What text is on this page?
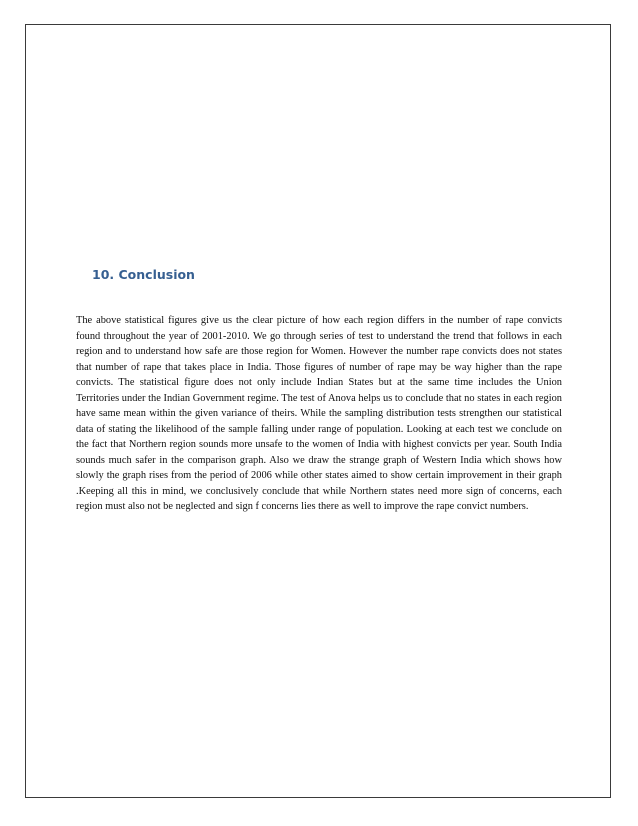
10. Conclusion

The above statistical figures give us the clear picture of how each region differs in the number of rape convicts found throughout the year of 2001-2010. We go through series of test to understand the trend that follows in each region and to understand how safe are those region for Women. However the number rape convicts does not states that number of rape that takes place in India. Those figures of number of rape may be way higher than the rape convicts. The statistical figure does not only include Indian States but at the same time includes the Union Territories under the Indian Government regime. The test of Anova helps us to conclude that no states in each region have same mean within the given variance of theirs. While the sampling distribution tests strengthen our statistical data of stating the likelihood of the sample falling under range of population. Looking at each test we conclude on the fact that Northern region sounds more unsafe to the women of India with highest convicts per year. South India sounds much safer in the comparison graph. Also we draw the strange graph of Western India which shows how slowly the graph rises from the period of 2006 while other states aimed to show certain improvement in their graph .Keeping all this in mind, we conclusively conclude that while Northern states need more sign of concerns, each region must also not be neglected and sign f concerns lies there as well to improve the rape convict numbers.
